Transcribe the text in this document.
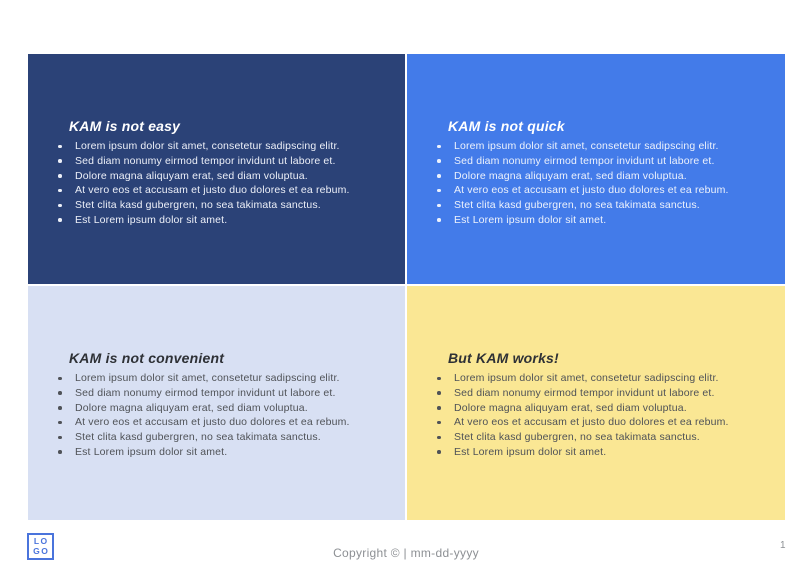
KAM is not easy
Lorem ipsum dolor sit amet, consetetur sadipscing elitr.
Sed diam nonumy eirmod tempor invidunt ut labore et.
Dolore magna aliquyam erat, sed diam voluptua.
At vero eos et accusam et justo duo dolores et ea rebum.
Stet clita kasd gubergren, no sea takimata sanctus.
Est Lorem ipsum dolor sit amet.
KAM is not quick
Lorem ipsum dolor sit amet, consetetur sadipscing elitr.
Sed diam nonumy eirmod tempor invidunt ut labore et.
Dolore magna aliquyam erat, sed diam voluptua.
At vero eos et accusam et justo duo dolores et ea rebum.
Stet clita kasd gubergren, no sea takimata sanctus.
Est Lorem ipsum dolor sit amet.
KAM is not convenient
Lorem ipsum dolor sit amet, consetetur sadipscing elitr.
Sed diam nonumy eirmod tempor invidunt ut labore et.
Dolore magna aliquyam erat, sed diam voluptua.
At vero eos et accusam et justo duo dolores et ea rebum.
Stet clita kasd gubergren, no sea takimata sanctus.
Est Lorem ipsum dolor sit amet.
But KAM works!
Lorem ipsum dolor sit amet, consetetur sadipscing elitr.
Sed diam nonumy eirmod tempor invidunt ut labore et.
Dolore magna aliquyam erat, sed diam voluptua.
At vero eos et accusam et justo duo dolores et ea rebum.
Stet clita kasd gubergren, no sea takimata sanctus.
Est Lorem ipsum dolor sit amet.
LO
GO	Copyright © | mm-dd-yyyy
1
